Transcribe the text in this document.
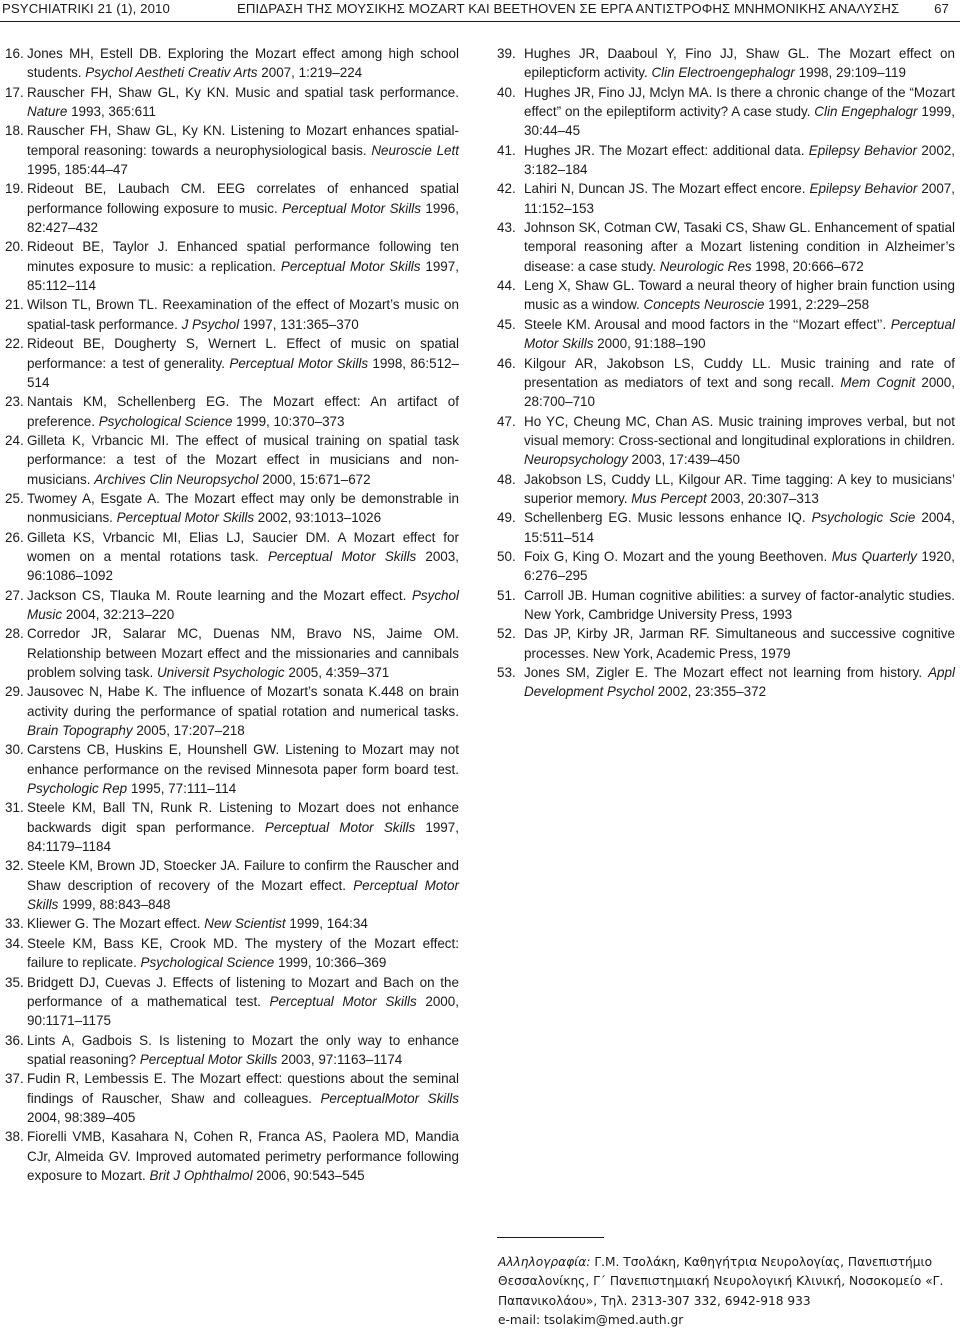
PSYCHIATRIKI 21 (1), 2010	ΕΠΙΔΡΑΣΗ ΤΗΣ ΜΟΥΣΙΚΗΣ MOZART ΚΑΙ BEETHOVEN ΣΕ ΕΡΓΑ ΑΝΤΙΣΤΡΟΦΗΣ ΜΝΗΜΟΝΙΚΗΣ ΑΝΑΛΥΣΗΣ	67
16. Jones MH, Estell DB. Exploring the Mozart effect among high school students. Psychol Aestheti Creativ Arts 2007, 1:219–224
17. Rauscher FH, Shaw GL, Ky KN. Music and spatial task performance. Nature 1993, 365:611
18. Rauscher FH, Shaw GL, Ky KN. Listening to Mozart enhances spatial-temporal reasoning: towards a neurophysiological basis. Neuroscie Lett 1995, 185:44–47
19. Rideout BE, Laubach CM. EEG correlates of enhanced spatial performance following exposure to music. Perceptual Motor Skills 1996, 82:427–432
20. Rideout BE, Taylor J. Enhanced spatial performance following ten minutes exposure to music: a replication. Perceptual Motor Skills 1997, 85:112–114
21. Wilson TL, Brown TL. Reexamination of the effect of Mozart’s music on spatial-task performance. J Psychol 1997, 131:365–370
22. Rideout BE, Dougherty S, Wernert L. Effect of music on spatial performance: a test of generality. Perceptual Motor Skills 1998, 86:512–514
23. Nantais KM, Schellenberg EG. The Mozart effect: An artifact of preference. Psychological Science 1999, 10:370–373
24. Gilleta K, Vrbancic MI. The effect of musical training on spatial task performance: a test of the Mozart effect in musicians and non-musicians. Archives Clin Neuropsychol 2000, 15:671–672
25. Twomey A, Esgate A. The Mozart effect may only be demonstrable in nonmusicians. Perceptual Motor Skills 2002, 93:1013–1026
26. Gilleta KS, Vrbancic MI, Elias LJ, Saucier DM. A Mozart effect for women on a mental rotations task. Perceptual Motor Skills 2003, 96:1086–1092
27. Jackson CS, Tlauka M. Route learning and the Mozart effect. Psychol Music 2004, 32:213–220
28. Corredor JR, Salarar MC, Duenas NM, Bravo NS, Jaime OM. Relationship between Mozart effect and the missionaries and cannibals problem solving task. Universit Psychologic 2005, 4:359–371
29. Jausovec N, Habe K. The influence of Mozart’s sonata K.448 on brain activity during the performance of spatial rotation and numerical tasks. Brain Topography 2005, 17:207–218
30. Carstens CB, Huskins E, Hounshell GW. Listening to Mozart may not enhance performance on the revised Minnesota paper form board test. Psychologic Rep 1995, 77:111–114
31. Steele KM, Ball TN, Runk R. Listening to Mozart does not enhance backwards digit span performance. Perceptual Motor Skills 1997, 84:1179–1184
32. Steele KM, Brown JD, Stoecker JA. Failure to confirm the Rauscher and Shaw description of recovery of the Mozart effect. Perceptual Motor Skills 1999, 88:843–848
33. Kliewer G. The Mozart effect. New Scientist 1999, 164:34
34. Steele KM, Bass KE, Crook MD. The mystery of the Mozart effect: failure to replicate. Psychological Science 1999, 10:366–369
35. Bridgett DJ, Cuevas J. Effects of listening to Mozart and Bach on the performance of a mathematical test. Perceptual Motor Skills 2000, 90:1171–1175
36. Lints A, Gadbois S. Is listening to Mozart the only way to enhance spatial reasoning? Perceptual Motor Skills 2003, 97:1163–1174
37. Fudin R, Lembessis E. The Mozart effect: questions about the seminal findings of Rauscher, Shaw and colleagues. PerceptualMotor Skills 2004, 98:389–405
38. Fiorelli VMB, Kasahara N, Cohen R, Franca AS, Paolera MD, Mandia CJr, Almeida GV. Improved automated perimetry performance following exposure to Mozart. Brit J Ophthalmol 2006, 90:543–545
39. Hughes JR, Daaboul Y, Fino JJ, Shaw GL. The Mozart effect on epilepticform activity. Clin Electroengephalogr 1998, 29:109–119
40. Hughes JR, Fino JJ, Mclyn MA. Is there a chronic change of the “Mozart effect” on the epileptiform activity? A case study. Clin Engephalogr 1999, 30:44–45
41. Hughes JR. The Mozart effect: additional data. Epilepsy Behavior 2002, 3:182–184
42. Lahiri N, Duncan JS. The Mozart effect encore. Epilepsy Behavior 2007, 11:152–153
43. Johnson SK, Cotman CW, Tasaki CS, Shaw GL. Enhancement of spatial temporal reasoning after a Mozart listening condition in Alzheimer’s disease: a case study. Neurologic Res 1998, 20:666–672
44. Leng X, Shaw GL. Toward a neural theory of higher brain function using music as a window. Concepts Neuroscie 1991, 2:229–258
45. Steele KM. Arousal and mood factors in the ‘‘Mozart effect’’. Perceptual Motor Skills 2000, 91:188–190
46. Kilgour AR, Jakobson LS, Cuddy LL. Music training and rate of presentation as mediators of text and song recall. Mem Cognit 2000, 28:700–710
47. Ho YC, Cheung MC, Chan AS. Music training improves verbal, but not visual memory: Cross-sectional and longitudinal explorations in children. Neuropsychology 2003, 17:439–450
48. Jakobson LS, Cuddy LL, Kilgour AR. Time tagging: A key to musicians’ superior memory. Mus Percept 2003, 20:307–313
49. Schellenberg EG. Music lessons enhance IQ. Psychologic Scie 2004, 15:511–514
50. Foix G, King O. Mozart and the young Beethoven. Mus Quarterly 1920, 6:276–295
51. Carroll JB. Human cognitive abilities: a survey of factor-analytic studies. New York, Cambridge University Press, 1993
52. Das JP, Kirby JR, Jarman RF. Simultaneous and successive cognitive processes. New York, Academic Press, 1979
53. Jones SM, Zigler E. The Mozart effect not learning from history. Appl Development Psychol 2002, 23:355–372
Αλληλογραφία: Γ.Μ. Τσολάκη, Καθηγήτρια Νευρολογίας, Πανεπιστήμιο Θεσσαλονίκης, Γ΄ Πανεπιστημιακή Νευρολογική Κλινική, Νοσοκομείο «Γ. Παπανικολάου», Τηλ. 2313-307 332, 6942-918 933
e-mail: tsolakim@med.auth.gr
